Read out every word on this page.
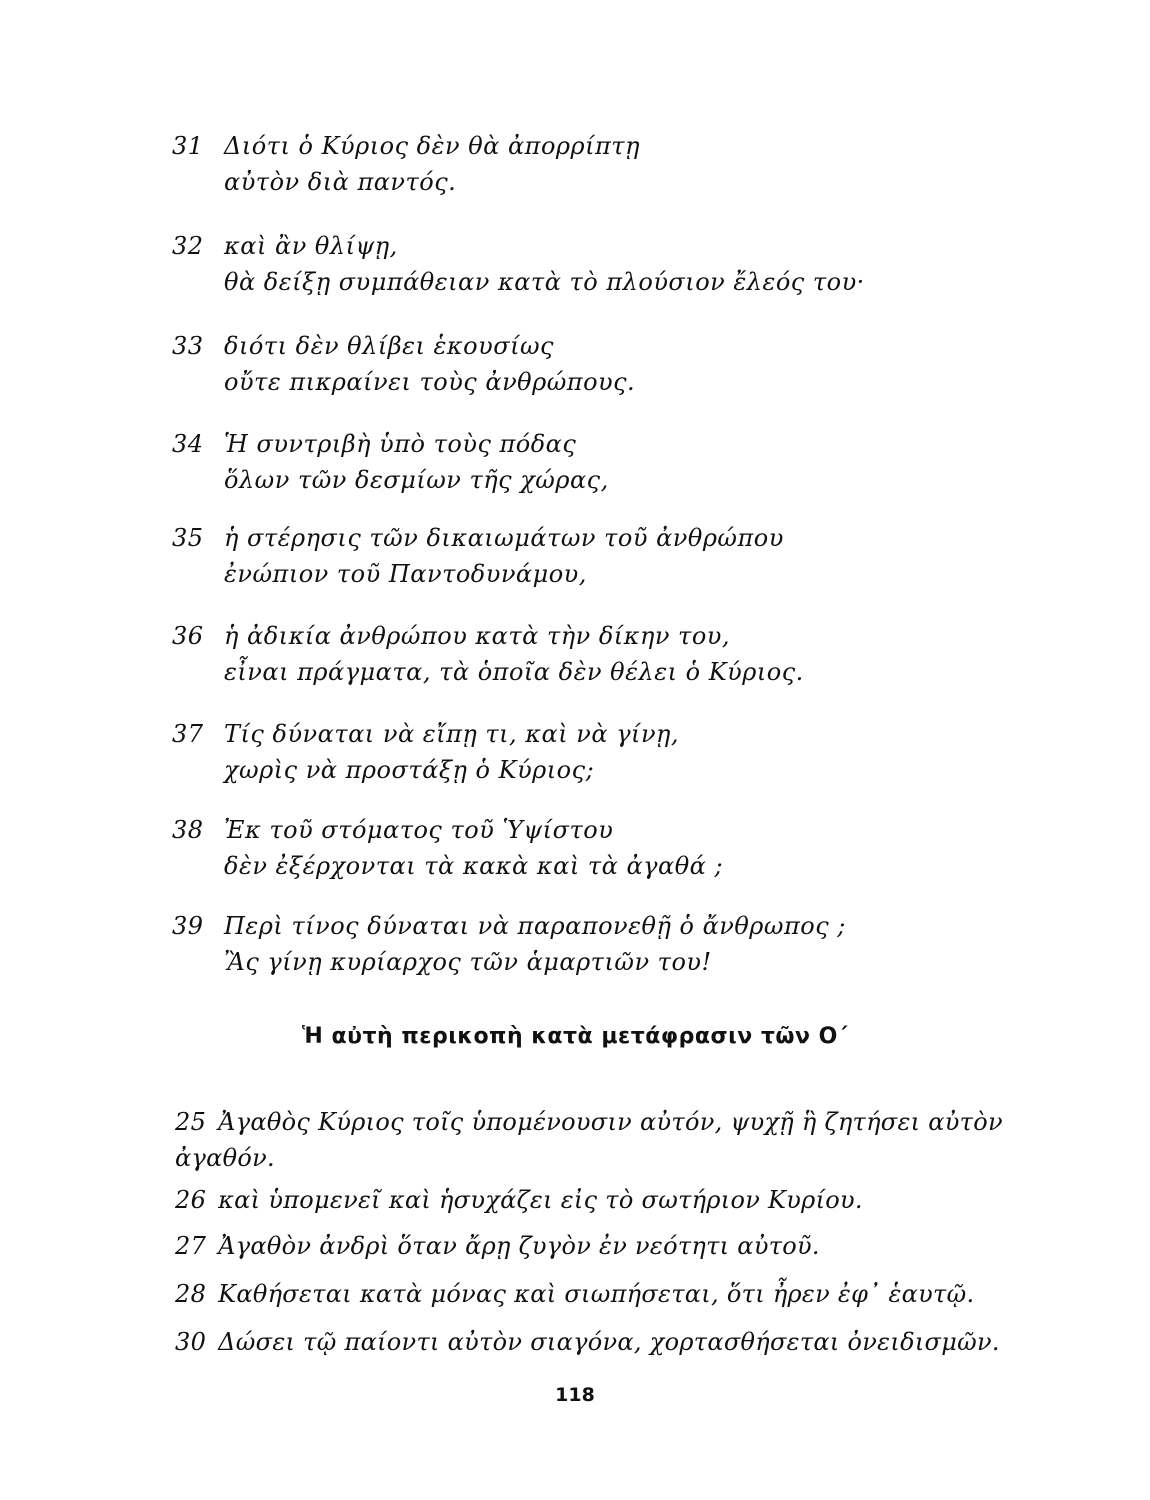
31 Διότι ὁ Κύριος δὲν θὰ ἀπορρίπτῃ
αὐτὸν διὰ παντός.
32 καὶ ἂν θλίψῃ,
θὰ δείξῃ συμπάθειαν κατὰ τὸ πλούσιον ἔλεός του·
33 διότι δὲν θλίβει ἑκουσίως
οὔτε πικραίνει τοὺς ἀνθρώπους.
34 Ἡ συντριβὴ ὑπὸ τοὺς πόδας
ὅλων τῶν δεσμίων τῆς χώρας,
35 ἡ στέρησις τῶν δικαιωμάτων τοῦ ἀνθρώπου
ἐνώπιον τοῦ Παντοδυνάμου,
36 ἡ ἀδικία ἀνθρώπου κατὰ τὴν δίκην του,
εἶναι πράγματα, τὰ ὁποῖα δὲν θέλει ὁ Κύριος.
37 Τίς δύναται νὰ εἴπῃ τι, καὶ νὰ γίνῃ,
χωρὶς νὰ προστάξῃ ὁ Κύριος;
38 Ἐκ τοῦ στόματος τοῦ Ὑψίστου
δὲν ἐξέρχονται τὰ κακὰ καὶ τὰ ἀγαθά ;
39 Περὶ τίνος δύναται νὰ παραπονεθῇ ὁ ἄνθρωπος ;
Ἂς γίνῃ κυρίαρχος τῶν ἁμαρτιῶν του!
Ἡ αὐτὴ περικοπὴ κατὰ μετάφρασιν τῶν Ο΄
25 Ἀγαθὸς Κύριος τοῖς ὑπομένουσιν αὐτόν, ψυχῇ ἣ ζητήσει αὐτὸν ἀγαθόν.
26 καὶ ὑπομενεῖ καὶ ἡσυχάζει εἰς τὸ σωτήριον Κυρίου.
27 Ἀγαθὸν ἀνδρὶ ὅταν ἄρῃ ζυγὸν ἐν νεότητι αὐτοῦ.
28 Καθήσεται κατὰ μόνας καὶ σιωπήσεται, ὅτι ἦρεν ἐφ᾽ ἑαυτῷ.
30 Δώσει τῷ παίοντι αὐτὸν σιαγόνα, χορτασθήσεται ὀνειδισμῶν.
118
